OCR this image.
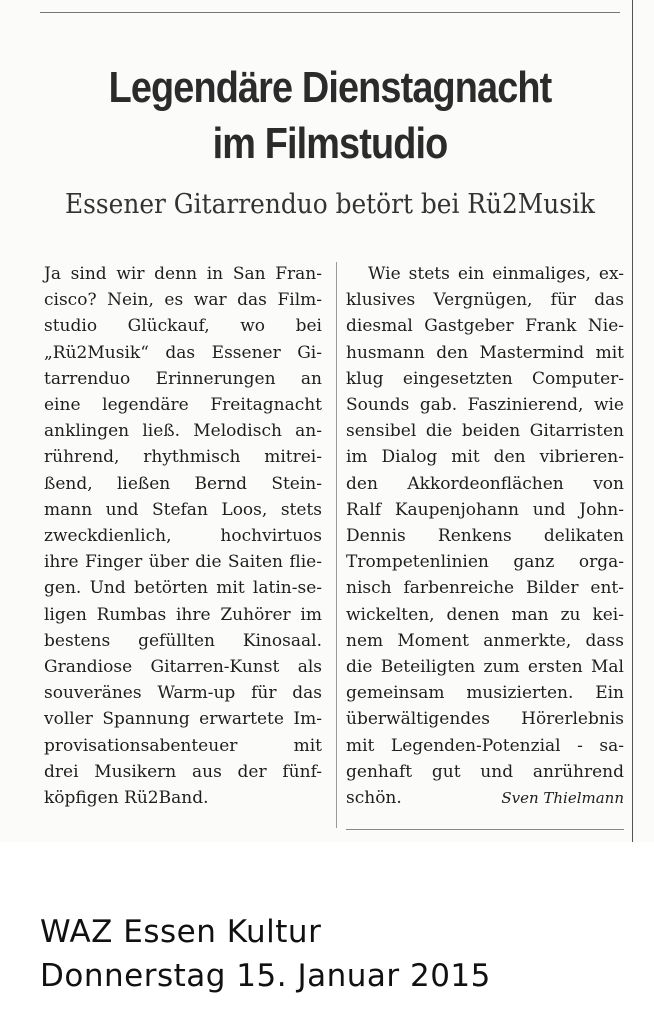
Legendäre Dienstagnacht
im Filmstudio
Essener Gitarrenduo betört bei Rü2Musik
Ja sind wir denn in San Fran-
cisco? Nein, es war das Film-
studio Glückauf, wo bei
„Rü2Musik“ das Essener Gi-
tarrenduo Erinnerungen an
eine legendäre Freitagnacht
anklingen ließ. Melodisch an-
rührend, rhythmisch mitrei-
ßend, ließen Bernd Stein-
mann und Stefan Loos, stets
zweckdienlich, hochvirtuos
ihre Finger über die Saiten flie-
gen. Und betörten mit latin-se-
ligen Rumbas ihre Zuhörer im
bestens gefüllten Kinosaal.
Grandiose Gitarren-Kunst als
souveränes Warm-up für das
voller Spannung erwartete Im-
provisationsabenteuer mit
drei Musikern aus der fünf-
köpfigen Rü2Band.
Wie stets ein einmaliges, ex-
klusives Vergnügen, für das
diesmal Gastgeber Frank Nie-
husmann den Mastermind mit
klug eingesetzten Computer-
Sounds gab. Faszinierend, wie
sensibel die beiden Gitarristen
im Dialog mit den vibrieren-
den Akkordeonflächen von
Ralf Kaupenjohann und John-
Dennis Renkens delikaten
Trompetenlinien ganz orga-
nisch farbenreiche Bilder ent-
wickelten, denen man zu kei-
nem Moment anmerkte, dass
die Beteiligten zum ersten Mal
gemeinsam musizierten. Ein
überwältigendes Hörerlebnis
mit Legenden-Potenzial - sa-
genhaft gut und anrührend
schön.	Sven Thielmann
WAZ Essen Kultur
Donnerstag 15. Januar 2015
